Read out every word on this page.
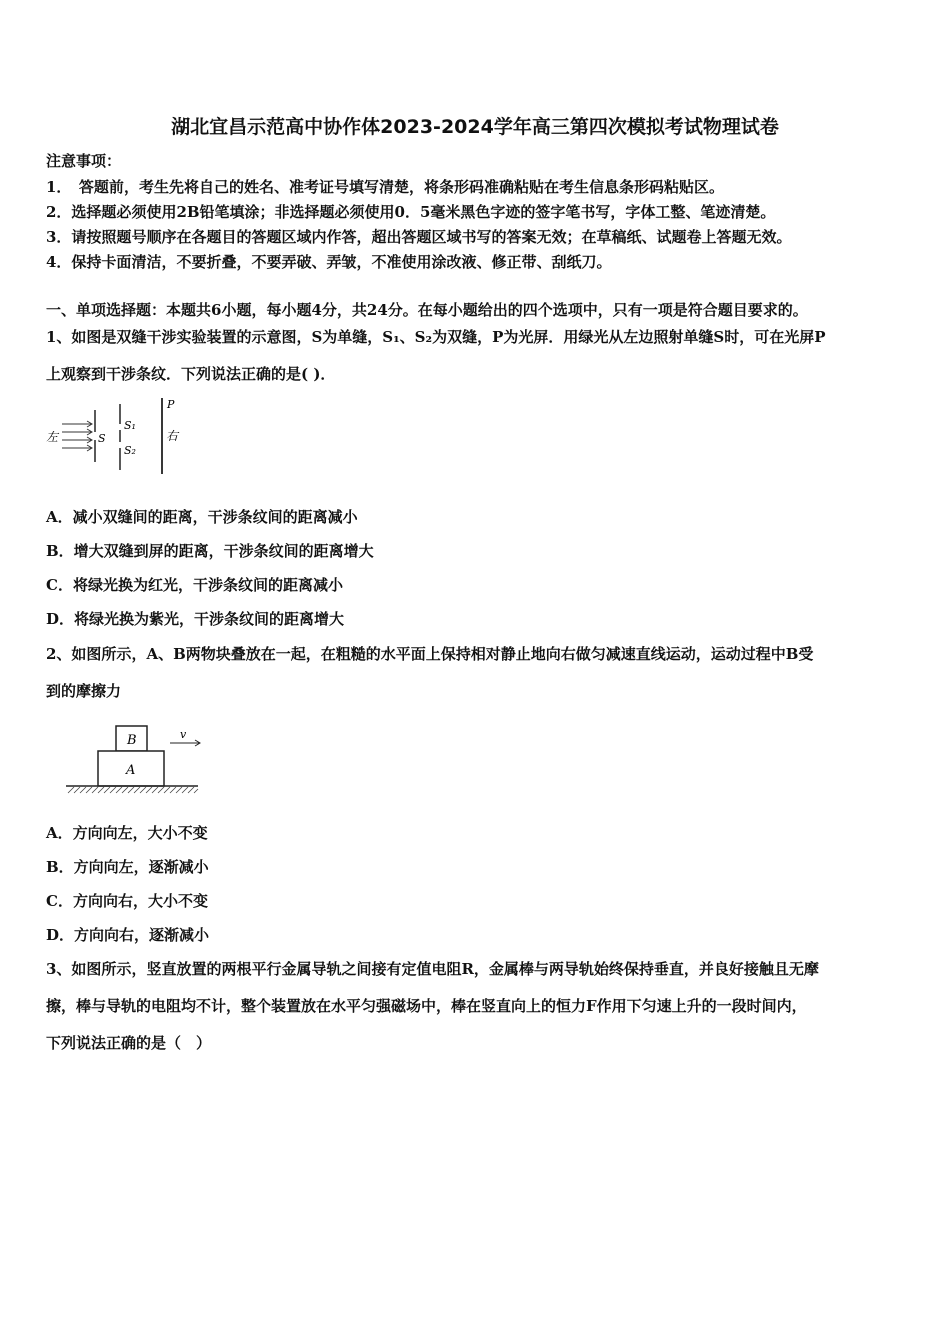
湖北宜昌示范高中协作体2023-2024学年高三第四次模拟考试物理试卷
注意事项：
1．　答题前，考生先将自己的姓名、准考证号填写清楚，将条形码准确粘贴在考生信息条形码粘贴区。
2．选择题必须使用2B铅笔填涂；非选择题必须使用0．5毫米黑色字迹的签字笔书写，字体工整、笔迹清楚。
3．请按照题号顺序在各题目的答题区域内作答，超出答题区域书写的答案无效；在草稿纸、试题卷上答题无效。
4．保持卡面清洁，不要折叠，不要弄破、弄皱，不准使用涂改液、修正带、刮纸刀。
一、单项选择题：本题共6小题，每小题4分，共24分。在每小题给出的四个选项中，只有一项是符合题目要求的。
1、如图是双缝干涉实验装置的示意图，S为单缝，S₁、S₂为双缝，P为光屏．用绿光从左边照射单缝S时，可在光屏P
上观察到干涉条纹．下列说法正确的是( )．
左	S
S₁
S₂
P
右
A．减小双缝间的距离，干涉条纹间的距离减小
B．增大双缝到屏的距离，干涉条纹间的距离增大
C．将绿光换为红光，干涉条纹间的距离减小
D．将绿光换为紫光，干涉条纹间的距离增大
2、如图所示，A、B两物块叠放在一起，在粗糙的水平面上保持相对静止地向右做匀减速直线运动，运动过程中B受
到的摩擦力
B
A
v
A．方向向左，大小不变
B．方向向左，逐渐减小
C．方向向右，大小不变
D．方向向右，逐渐减小
3、如图所示，竖直放置的两根平行金属导轨之间接有定值电阻R，金属棒与两导轨始终保持垂直，并良好接触且无摩
擦，棒与导轨的电阻均不计，整个装置放在水平匀强磁场中，棒在竖直向上的恒力F作用下匀速上升的一段时间内，
下列说法正确的是（　）
